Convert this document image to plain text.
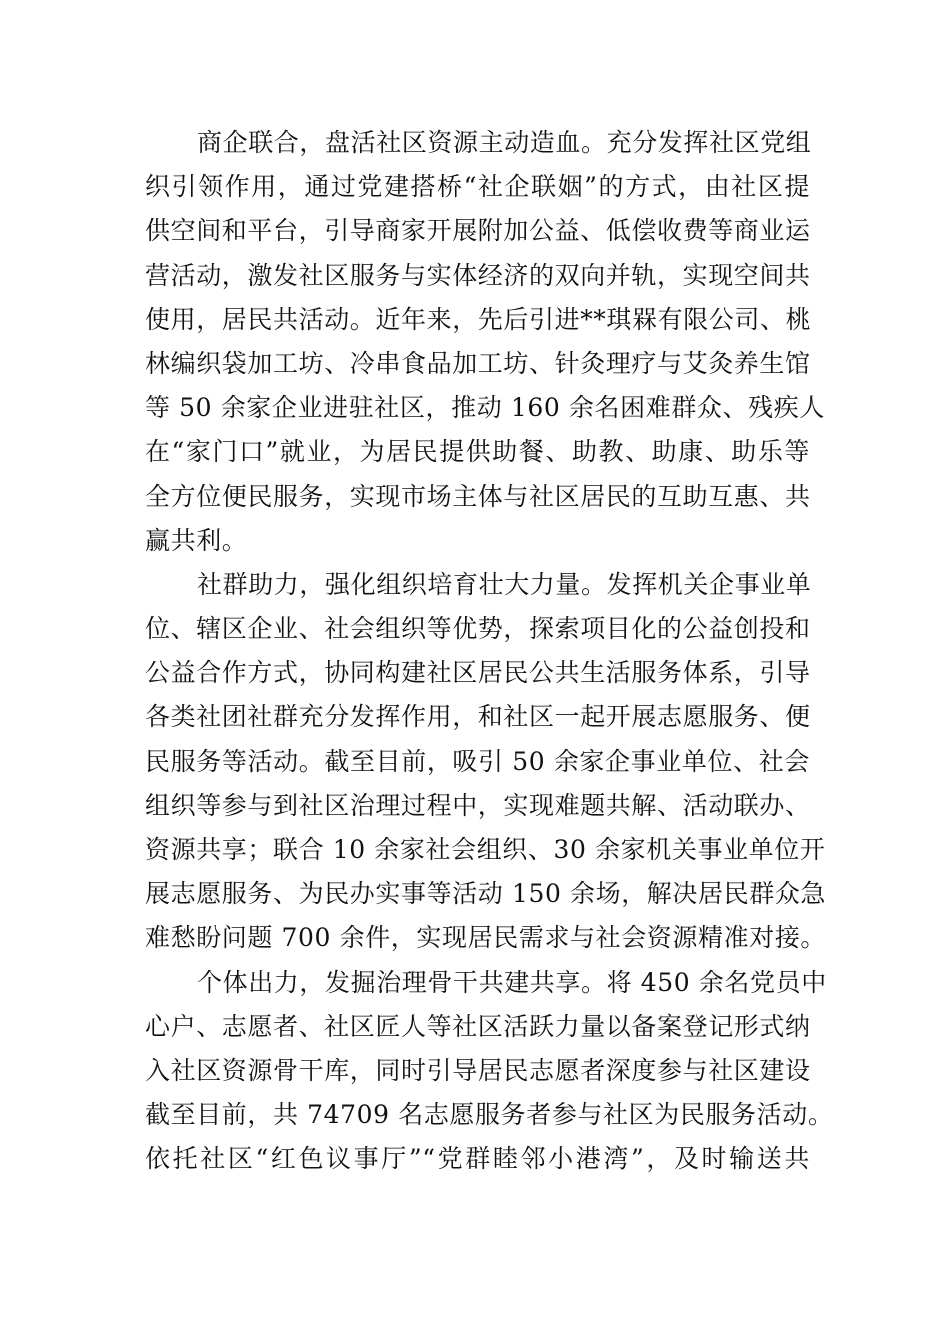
商企联合，盘活社区资源主动造血。充分发挥社区党组
织引领作用，通过党建搭桥“社企联姻”的方式，由社区提
供空间和平台，引导商家开展附加公益、低偿收费等商业运
营活动，激发社区服务与实体经济的双向并轨，实现空间共
使用，居民共活动。近年来，先后引进**琪槑有限公司、桃
林编织袋加工坊、冷串食品加工坊、针灸理疗与艾灸养生馆
等 50 余家企业进驻社区，推动 160 余名困难群众、残疾人
在“家门口”就业，为居民提供助餐、助教、助康、助乐等
全方位便民服务，实现市场主体与社区居民的互助互惠、共
赢共利。
社群助力，强化组织培育壮大力量。发挥机关企事业单
位、辖区企业、社会组织等优势，探索项目化的公益创投和
公益合作方式，协同构建社区居民公共生活服务体系，引导
各类社团社群充分发挥作用，和社区一起开展志愿服务、便
民服务等活动。截至目前，吸引 50 余家企事业单位、社会
组织等参与到社区治理过程中，实现难题共解、活动联办、
资源共享；联合 10 余家社会组织、30 余家机关事业单位开
展志愿服务、为民办实事等活动 150 余场，解决居民群众急
难愁盼问题 700 余件，实现居民需求与社会资源精准对接。
个体出力，发掘治理骨干共建共享。将 450 余名党员中
心户、志愿者、社区匠人等社区活跃力量以备案登记形式纳
入社区资源骨干库，同时引导居民志愿者深度参与社区建设
截至目前，共 74709 名志愿服务者参与社区为民服务活动。
依托社区“红色议事厅”“党群睦邻小港湾”，及时输送共
